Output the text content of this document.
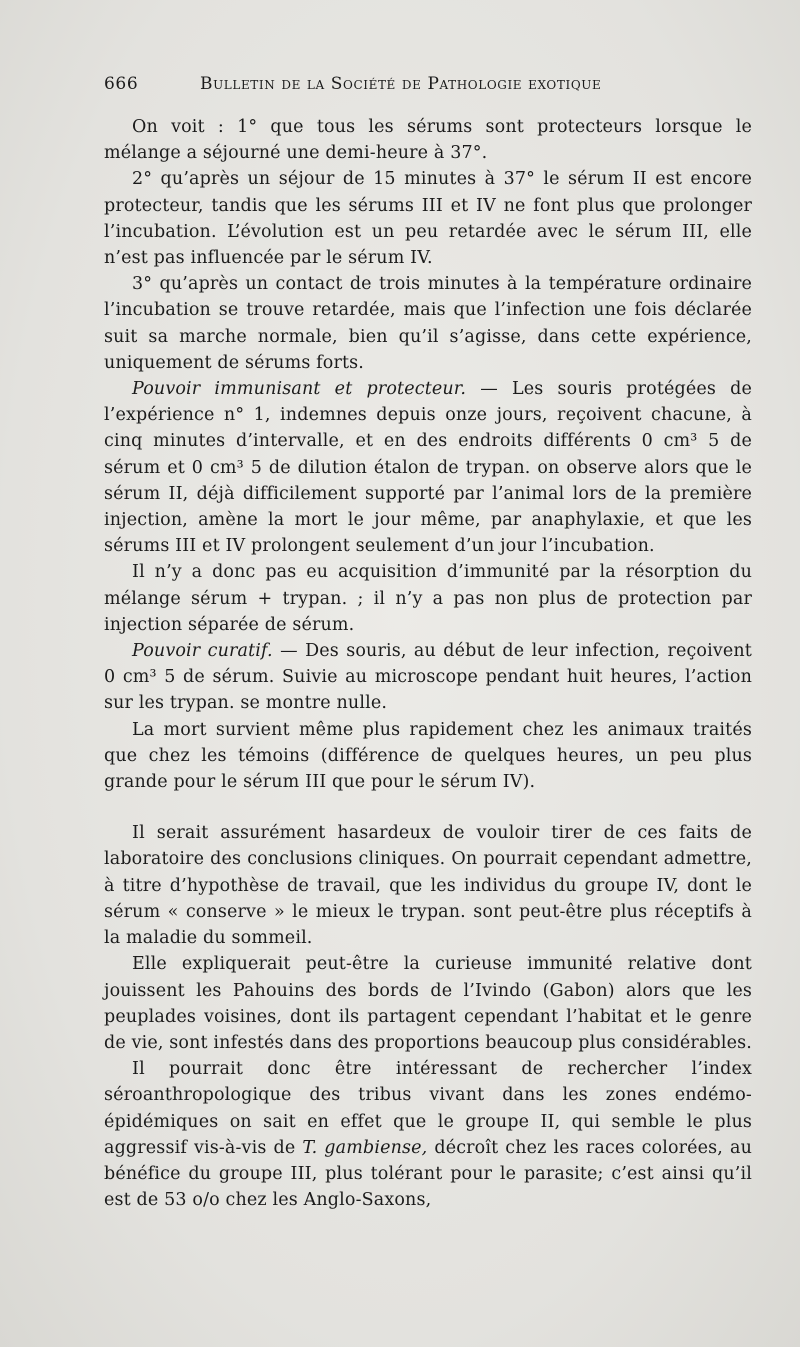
666	Bulletin de la Société de Pathologie exotique

On voit : 1° que tous les sérums sont protecteurs lorsque le mélange a séjourné une demi-heure à 37°.

2° qu’après un séjour de 15 minutes à 37° le sérum II est encore protecteur, tandis que les sérums III et IV ne font plus que prolonger l’incubation. L’évolution est un peu retardée avec le sérum III, elle n’est pas influencée par le sérum IV.

3° qu’après un contact de trois minutes à la température ordinaire l’incubation se trouve retardée, mais que l’infection une fois déclarée suit sa marche normale, bien qu’il s’agisse, dans cette expérience, uniquement de sérums forts.

Pouvoir immunisant et protecteur. — Les souris protégées de l’expérience n° 1, indemnes depuis onze jours, reçoivent chacune, à cinq minutes d’intervalle, et en des endroits différents 0 cm³ 5 de sérum et 0 cm³ 5 de dilution étalon de trypan. on observe alors que le sérum II, déjà difficilement supporté par l’animal lors de la première injection, amène la mort le jour même, par anaphylaxie, et que les sérums III et IV prolongent seulement d’un jour l’incubation.

Il n’y a donc pas eu acquisition d’immunité par la résorption du mélange sérum + trypan. ; il n’y a pas non plus de protection par injection séparée de sérum.

Pouvoir curatif. — Des souris, au début de leur infection, reçoivent 0 cm³ 5 de sérum. Suivie au microscope pendant huit heures, l’action sur les trypan. se montre nulle.

La mort survient même plus rapidement chez les animaux traités que chez les témoins (différence de quelques heures, un peu plus grande pour le sérum III que pour le sérum IV).

Il serait assurément hasardeux de vouloir tirer de ces faits de laboratoire des conclusions cliniques. On pourrait cependant admettre, à titre d’hypothèse de travail, que les individus du groupe IV, dont le sérum « conserve » le mieux le trypan. sont peut-être plus réceptifs à la maladie du sommeil.

Elle expliquerait peut-être la curieuse immunité relative dont jouissent les Pahouins des bords de l’Ivindo (Gabon) alors que les peuplades voisines, dont ils partagent cependant l’habitat et le genre de vie, sont infestés dans des proportions beaucoup plus considérables.

Il pourrait donc être intéressant de rechercher l’index séroanthropologique des tribus vivant dans les zones endémo-épidémiques on sait en effet que le groupe II, qui semble le plus aggressif vis-à-vis de T. gambiense, décroît chez les races colorées, au bénéfice du groupe III, plus tolérant pour le parasite; c’est ainsi qu’il est de 53 o/o chez les Anglo-Saxons,
